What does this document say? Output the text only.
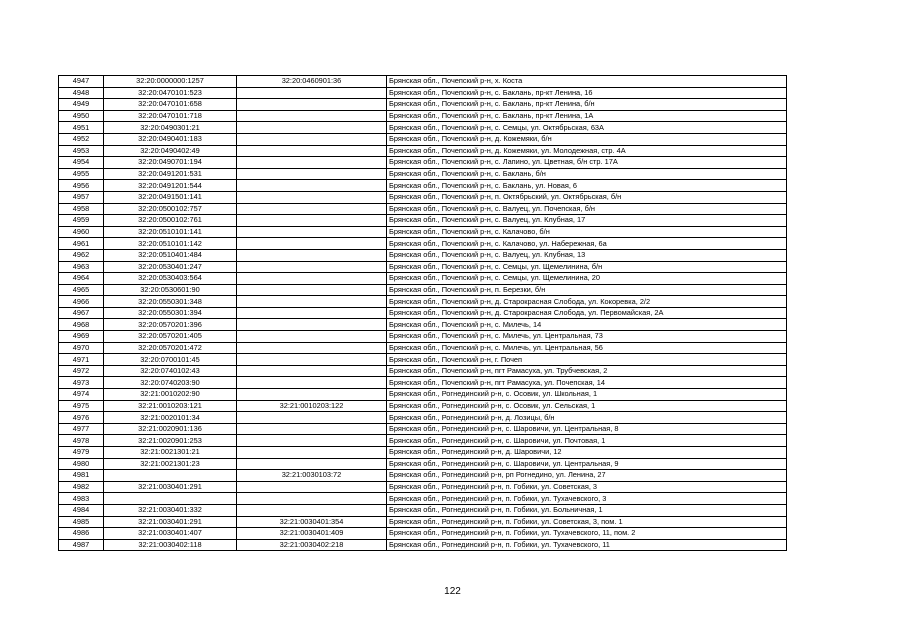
4947	32:20:0000000:1257	32:20:0460901:36	Брянская обл., Почепский р-н, х. Коста
4948	32:20:0470101:523		Брянская обл., Почепский р-н, с. Баклань, пр-кт Ленина, 16
4949	32:20:0470101:658		Брянская обл., Почепский р-н, с. Баклань, пр-кт Ленина, б/н
4950	32:20:0470101:718		Брянская обл., Почепский р-н, с. Баклань, пр-кт Ленина, 1А
4951	32:20:0490301:21		Брянская обл., Почепский р-н, с. Семцы, ул. Октябрьская, 63А
4952	32:20:0490401:183		Брянская обл., Почепский р-н, д. Кожемяки, б/н
4953	32:20:0490402:49		Брянская обл., Почепский р-н, д. Кожемяки, ул. Молодежная, стр. 4А
4954	32:20:0490701:194		Брянская обл., Почепский р-н, с. Лапино, ул. Цветная, б/н стр. 17А
4955	32:20:0491201:531		Брянская обл., Почепский р-н, с. Баклань, б/н
4956	32:20:0491201:544		Брянская обл., Почепский р-н, с. Баклань, ул. Новая, 6
4957	32:20:0491501:141		Брянская обл., Почепский р-н, п. Октябрьский, ул. Октябрьская, б/н
4958	32:20:0500102:757		Брянская обл., Почепский р-н, с. Валуец, ул. Почепская, б/н
4959	32:20:0500102:761		Брянская обл., Почепский р-н, с. Валуец, ул. Клубная, 17
4960	32:20:0510101:141		Брянская обл., Почепский р-н, с. Калачово, б/н
4961	32:20:0510101:142		Брянская обл., Почепский р-н, с. Калачово, ул. Набережная, 6а
4962	32:20:0510401:484		Брянская обл., Почепский р-н, с. Валуец, ул. Клубная, 13
4963	32:20:0530401:247		Брянская обл., Почепский р-н, с. Семцы, ул. Щемелинина, б/н
4964	32:20:0530403:564		Брянская обл., Почепский р-н, с. Семцы, ул. Щемелинина, 20
4965	32:20:0530601:90		Брянская обл., Почепский р-н, п. Березки, б/н
4966	32:20:0550301:348		Брянская обл., Почепский р-н, д. Старокрасная Слобода, ул. Кокоревка, 2/2
4967	32:20:0550301:394		Брянская обл., Почепский р-н, д. Старокрасная Слобода, ул. Первомайская, 2А
4968	32:20:0570201:396		Брянская обл., Почепский р-н, с. Милечь, 14
4969	32:20:0570201:405		Брянская обл., Почепский р-н, с. Милечь, ул. Центральная, 73
4970	32:20:0570201:472		Брянская обл., Почепский р-н, с. Милечь, ул. Центральная, 56
4971	32:20:0700101:45		Брянская обл., Почепский р-н, г. Почеп
4972	32:20:0740102:43		Брянская обл., Почепский р-н, пгт Рамасуха, ул. Трубчевская, 2
4973	32:20:0740203:90		Брянская обл., Почепский р-н, пгт Рамасуха, ул. Почепская, 14
4974	32:21:0010202:90		Брянская обл., Рогнединский р-н, с. Осовик, ул. Школьная, 1
4975	32:21:0010203:121	32:21:0010203:122	Брянская обл., Рогнединский р-н, с. Осовик, ул. Сельская, 1
4976	32:21:0020101:34		Брянская обл., Рогнединский р-н, д. Лозицы, б/н
4977	32:21:0020901:136		Брянская обл., Рогнединский р-н, с. Шаровичи, ул. Центральная, 8
4978	32:21:0020901:253		Брянская обл., Рогнединский р-н, с. Шаровичи, ул. Почтовая, 1
4979	32:21:0021301:21		Брянская обл., Рогнединский р-н, д. Шаровичи, 12
4980	32:21:0021301:23		Брянская обл., Рогнединский р-н, с. Шаровичи, ул. Центральная, 9
4981		32:21:0030103:72	Брянская обл., Рогнединский р-н, рп Рогнедино, ул. Ленина, 27
4982	32:21:0030401:291		Брянская обл., Рогнединский р-н, п. Гобики, ул. Советская, 3
4983			Брянская обл., Рогнединский р-н, п. Гобики, ул. Тухачевского, 3
4984	32:21:0030401:332		Брянская обл., Рогнединский р-н, п. Гобики, ул. Больничная, 1
4985	32:21:0030401:291	32:21:0030401:354	Брянская обл., Рогнединский р-н, п. Гобики, ул. Советская, 3, пом. 1
4986	32:21:0030401:407	32:21:0030401:409	Брянская обл., Рогнединский р-н, п. Гобики, ул. Тухачевского, 11, пом. 2
4987	32:21:0030402:118	32:21:0030402:218	Брянская обл., Рогнединский р-н, п. Гобики, ул. Тухачевского, 11
122
